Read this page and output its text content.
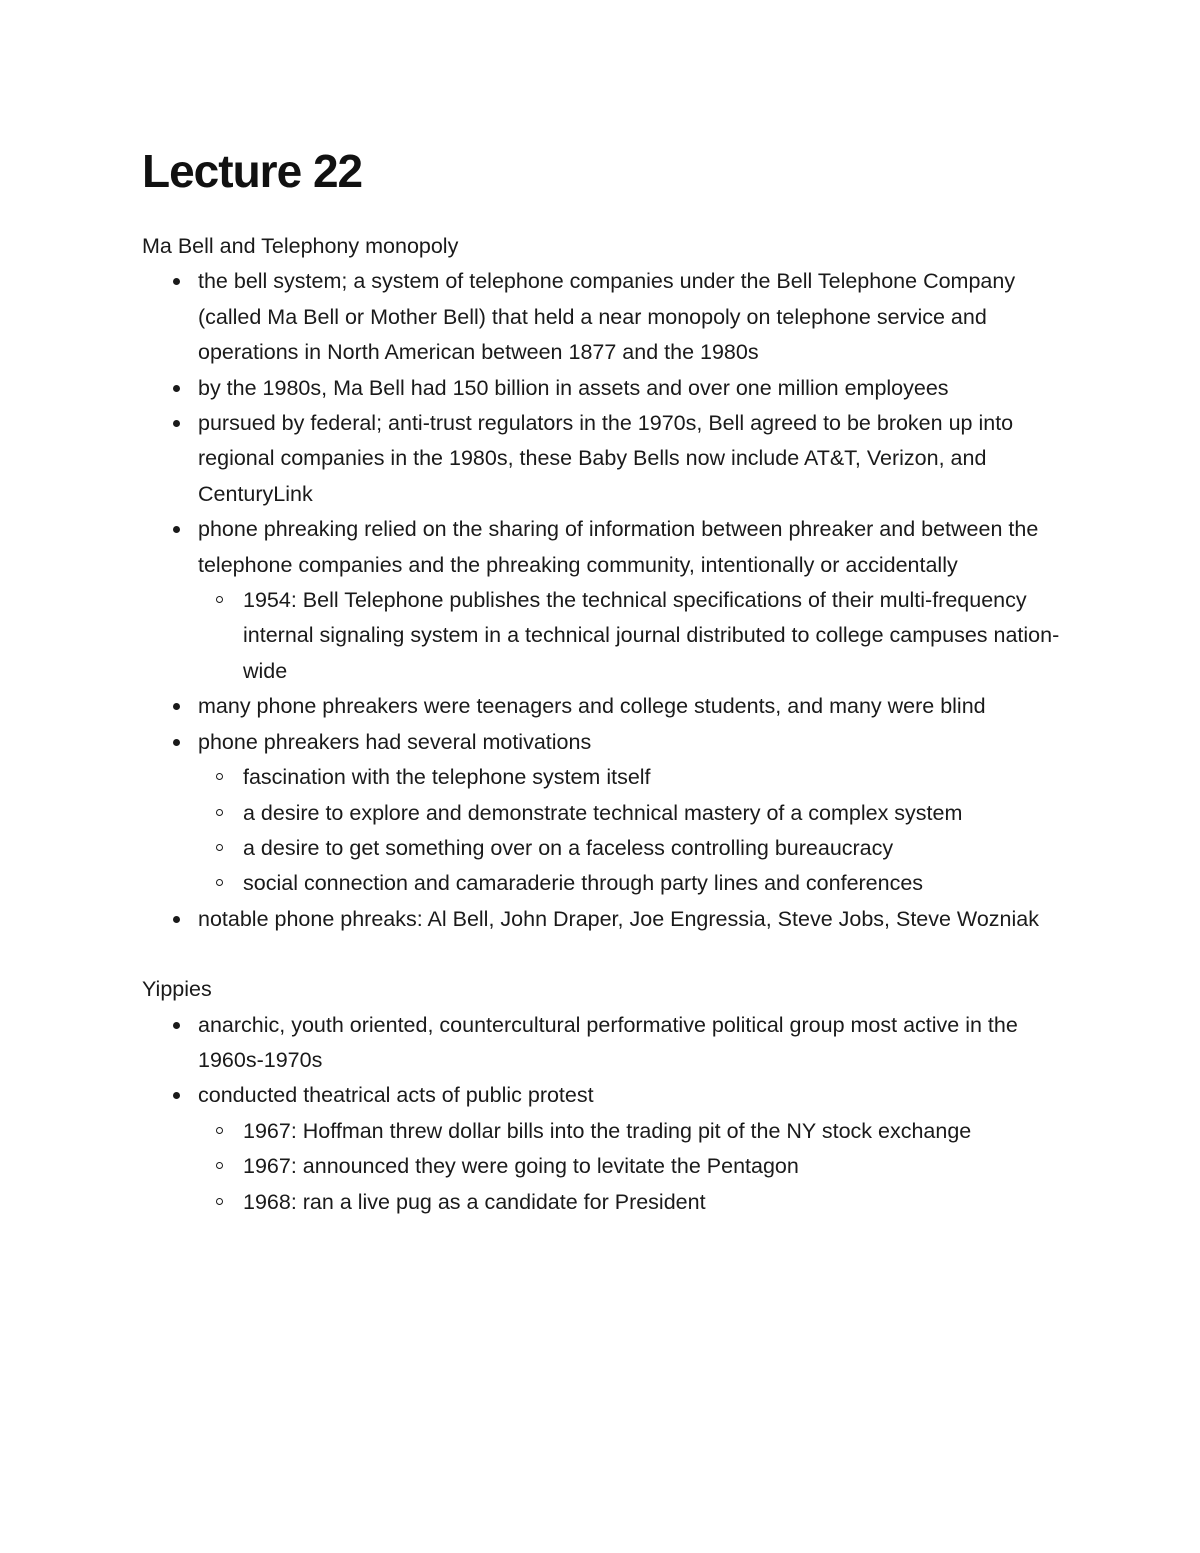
Lecture 22

Ma Bell and Telephony monopoly

the bell system; a system of telephone companies under the Bell Telephone Company (called Ma Bell or Mother Bell) that held a near monopoly on telephone service and operations in North American between 1877 and the 1980s
by the 1980s, Ma Bell had 150 billion in assets and over one million employees
pursued by federal; anti-trust regulators in the 1970s, Bell agreed to be broken up into regional companies in the 1980s, these Baby Bells now include AT&T, Verizon, and CenturyLink
phone phreaking relied on the sharing of information between phreaker and between the telephone companies and the phreaking community, intentionally or accidentally
1954: Bell Telephone publishes the technical specifications of their multi-frequency internal signaling system in a technical journal distributed to college campuses nation-wide
many phone phreakers were teenagers and college students, and many were blind
phone phreakers had several motivations
fascination with the telephone system itself
a desire to explore and demonstrate technical mastery of a complex system
a desire to get something over on a faceless controlling bureaucracy
social connection and camaraderie through party lines and conferences
notable phone phreaks: Al Bell, John Draper, Joe Engressia, Steve Jobs, Steve Wozniak

Yippies

anarchic, youth oriented, countercultural performative political group most active in the 1960s-1970s
conducted theatrical acts of public protest
1967: Hoffman threw dollar bills into the trading pit of the NY stock exchange
1967: announced they were going to levitate the Pentagon
1968: ran a live pug as a candidate for President
